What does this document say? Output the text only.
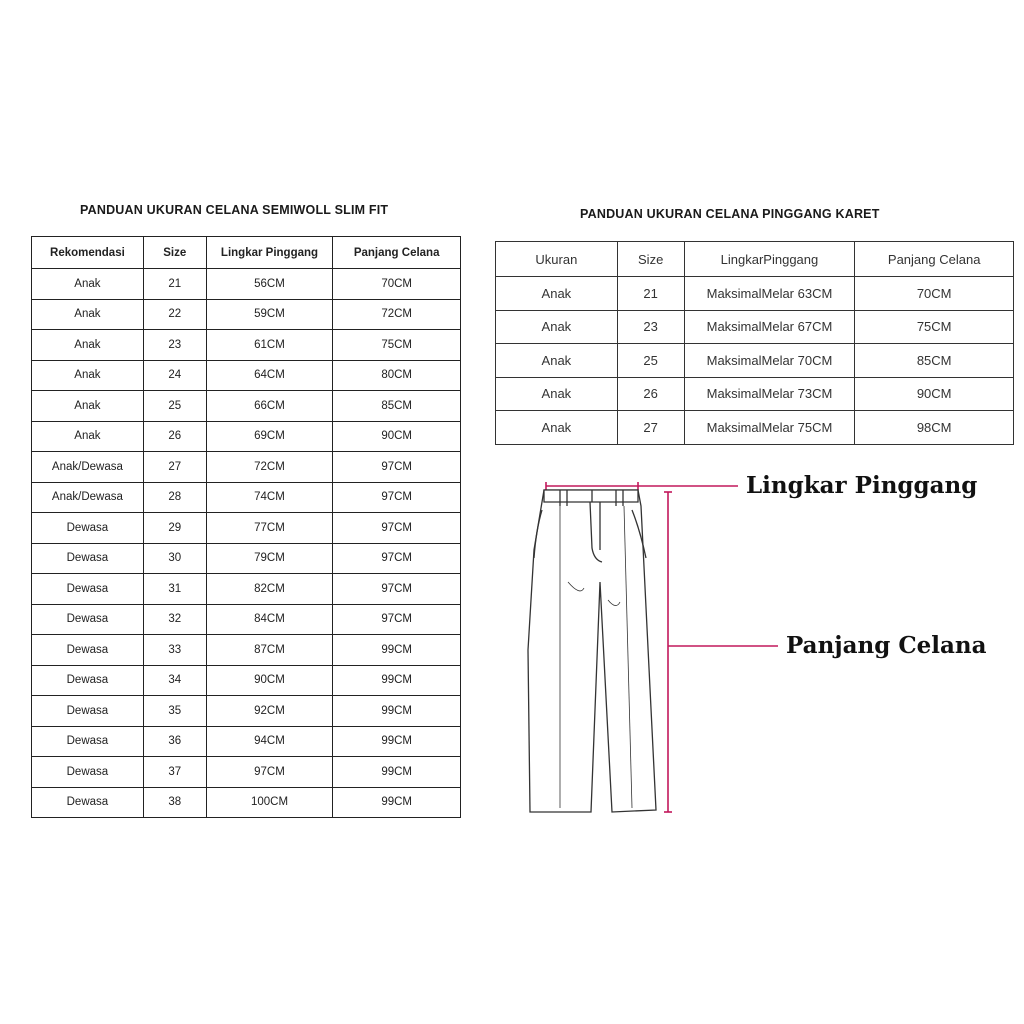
PANDUAN UKURAN CELANA SEMIWOLL SLIM FIT
Rekomendasi	Size	Lingkar Pinggang	Panjang Celana
Anak	21	56CM	70CM
Anak	22	59CM	72CM
Anak	23	61CM	75CM
Anak	24	64CM	80CM
Anak	25	66CM	85CM
Anak	26	69CM	90CM
Anak/Dewasa	27	72CM	97CM
Anak/Dewasa	28	74CM	97CM
Dewasa	29	77CM	97CM
Dewasa	30	79CM	97CM
Dewasa	31	82CM	97CM
Dewasa	32	84CM	97CM
Dewasa	33	87CM	99CM
Dewasa	34	90CM	99CM
Dewasa	35	92CM	99CM
Dewasa	36	94CM	99CM
Dewasa	37	97CM	99CM
Dewasa	38	100CM	99CM
PANDUAN UKURAN CELANA PINGGANG KARET
Ukuran	Size	LingkarPinggang	Panjang Celana
Anak	21	MaksimalMelar 63CM	70CM
Anak	23	MaksimalMelar 67CM	75CM
Anak	25	MaksimalMelar 70CM	85CM
Anak	26	MaksimalMelar 73CM	90CM
Anak	27	MaksimalMelar 75CM	98CM
Lingkar Pinggang
Panjang Celana
